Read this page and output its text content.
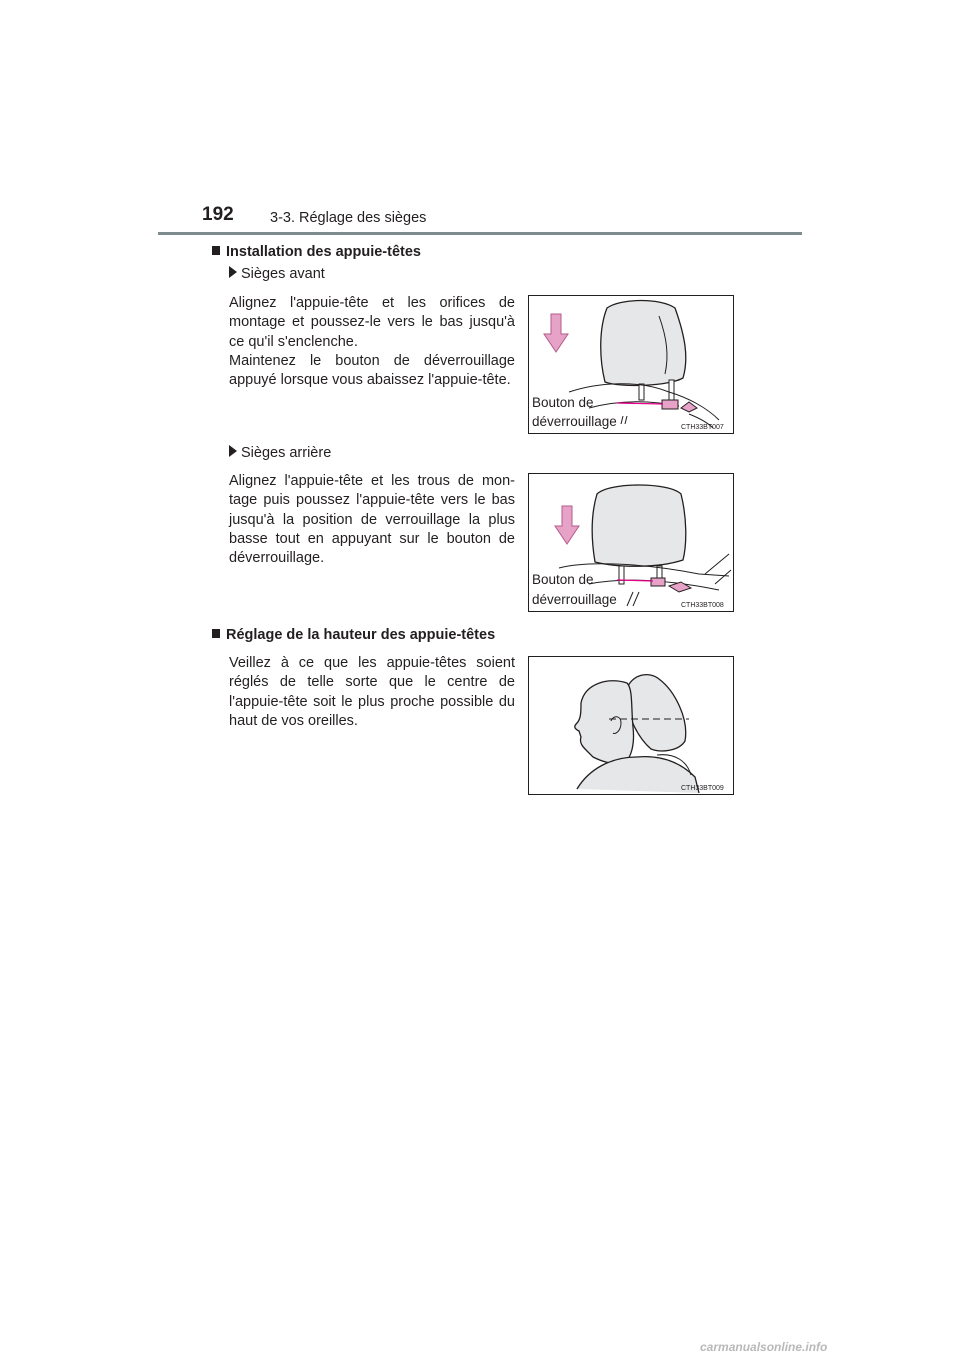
192	3-3. Réglage des sièges
Installation des appuie-têtes
Sièges avant
Alignez l'appuie-tête et les orifices de montage et poussez-le vers le bas jusqu'à ce qu'il s'enclenche.
Maintenez le bouton de déverrouillage appuyé lorsque vous abaissez l'appuie-tête.
Bouton de
déverrouillage	CTH33BT007
Sièges arrière
Alignez l'appuie-tête et les trous de mon-tage puis poussez l'appuie-tête vers le bas jusqu'à la position de verrouillage la plus basse tout en appuyant sur le bouton de déverrouillage.
Bouton de
déverrouillage	CTH33BT008
Réglage de la hauteur des appuie-têtes
Veillez à ce que les appuie-têtes soient réglés de telle sorte que le centre de l'appuie-tête soit le plus proche possible du haut de vos oreilles.
CTH33BT009
carmanualsonline.info
